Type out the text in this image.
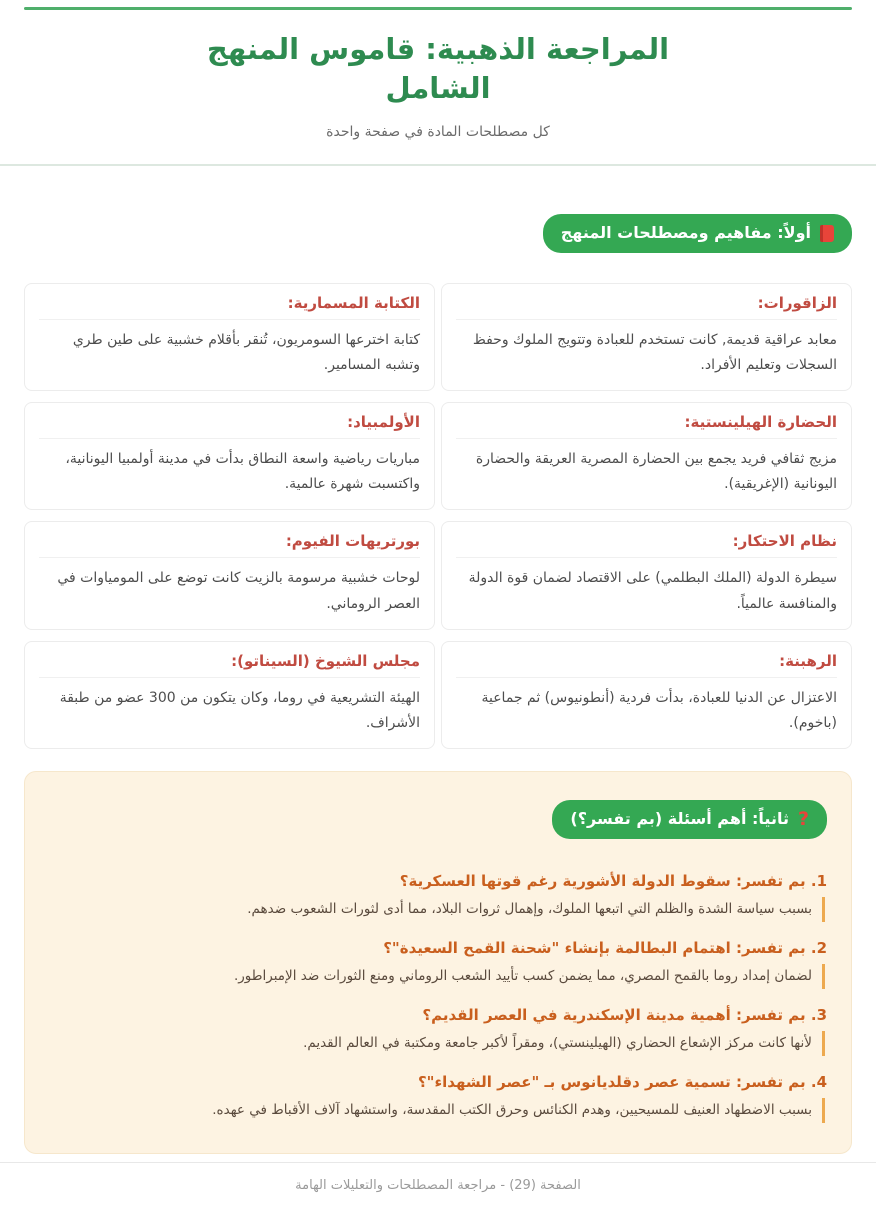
المراجعة الذهبية: قاموس المنهج الشامل
كل مصطلحات المادة في صفحة واحدة
أولاً: مفاهيم ومصطلحات المنهج
الزاقورات:
معابد عراقية قديمة, كانت تستخدم للعبادة وتتويج الملوك وحفظ السجلات وتعليم الأفراد.
الكتابة المسمارية:
كتابة اخترعها السومريون، تُنقر بأقلام خشبية على طين طري وتشبه المسامير.
الحضارة الهيلينستية:
مزيج ثقافي فريد يجمع بين الحضارة المصرية العريقة والحضارة اليونانية (الإغريقية).
الأولمبياد:
مباريات رياضية واسعة النطاق بدأت في مدينة أولمبيا اليونانية، واكتسبت شهرة عالمية.
نظام الاحتكار:
سيطرة الدولة (الملك البطلمي) على الاقتصاد لضمان قوة الدولة والمنافسة عالمياً.
بورتريهات الفيوم:
لوحات خشبية مرسومة بالزيت كانت توضع على المومياوات في العصر الروماني.
الرهبنة:
الاعتزال عن الدنيا للعبادة، بدأت فردية (أنطونيوس) ثم جماعية (باخوم).
مجلس الشيوخ (السيناتو):
الهيئة التشريعية في روما، وكان يتكون من 300 عضو من طبقة الأشراف.
?
ثانياً: أهم أسئلة (بم تفسر؟)
1. بم تفسر: سقوط الدولة الأشورية رغم قوتها العسكرية؟
بسبب سياسة الشدة والظلم التي اتبعها الملوك، وإهمال ثروات البلاد، مما أدى لثورات الشعوب ضدهم.
2. بم تفسر: اهتمام البطالمة بإنشاء "شحنة القمح السعيدة"؟
لضمان إمداد روما بالقمح المصري، مما يضمن كسب تأييد الشعب الروماني ومنع الثورات ضد الإمبراطور.
3. بم تفسر: أهمية مدينة الإسكندرية في العصر القديم؟
لأنها كانت مركز الإشعاع الحضاري (الهيلينستي)، ومقراً لأكبر جامعة ومكتبة في العالم القديم.
4. بم تفسر: تسمية عصر دقلديانوس بـ "عصر الشهداء"؟
بسبب الاضطهاد العنيف للمسيحيين، وهدم الكنائس وحرق الكتب المقدسة، واستشهاد آلاف الأقباط في عهده.
الصفحة (29) - مراجعة المصطلحات والتعليلات الهامة
